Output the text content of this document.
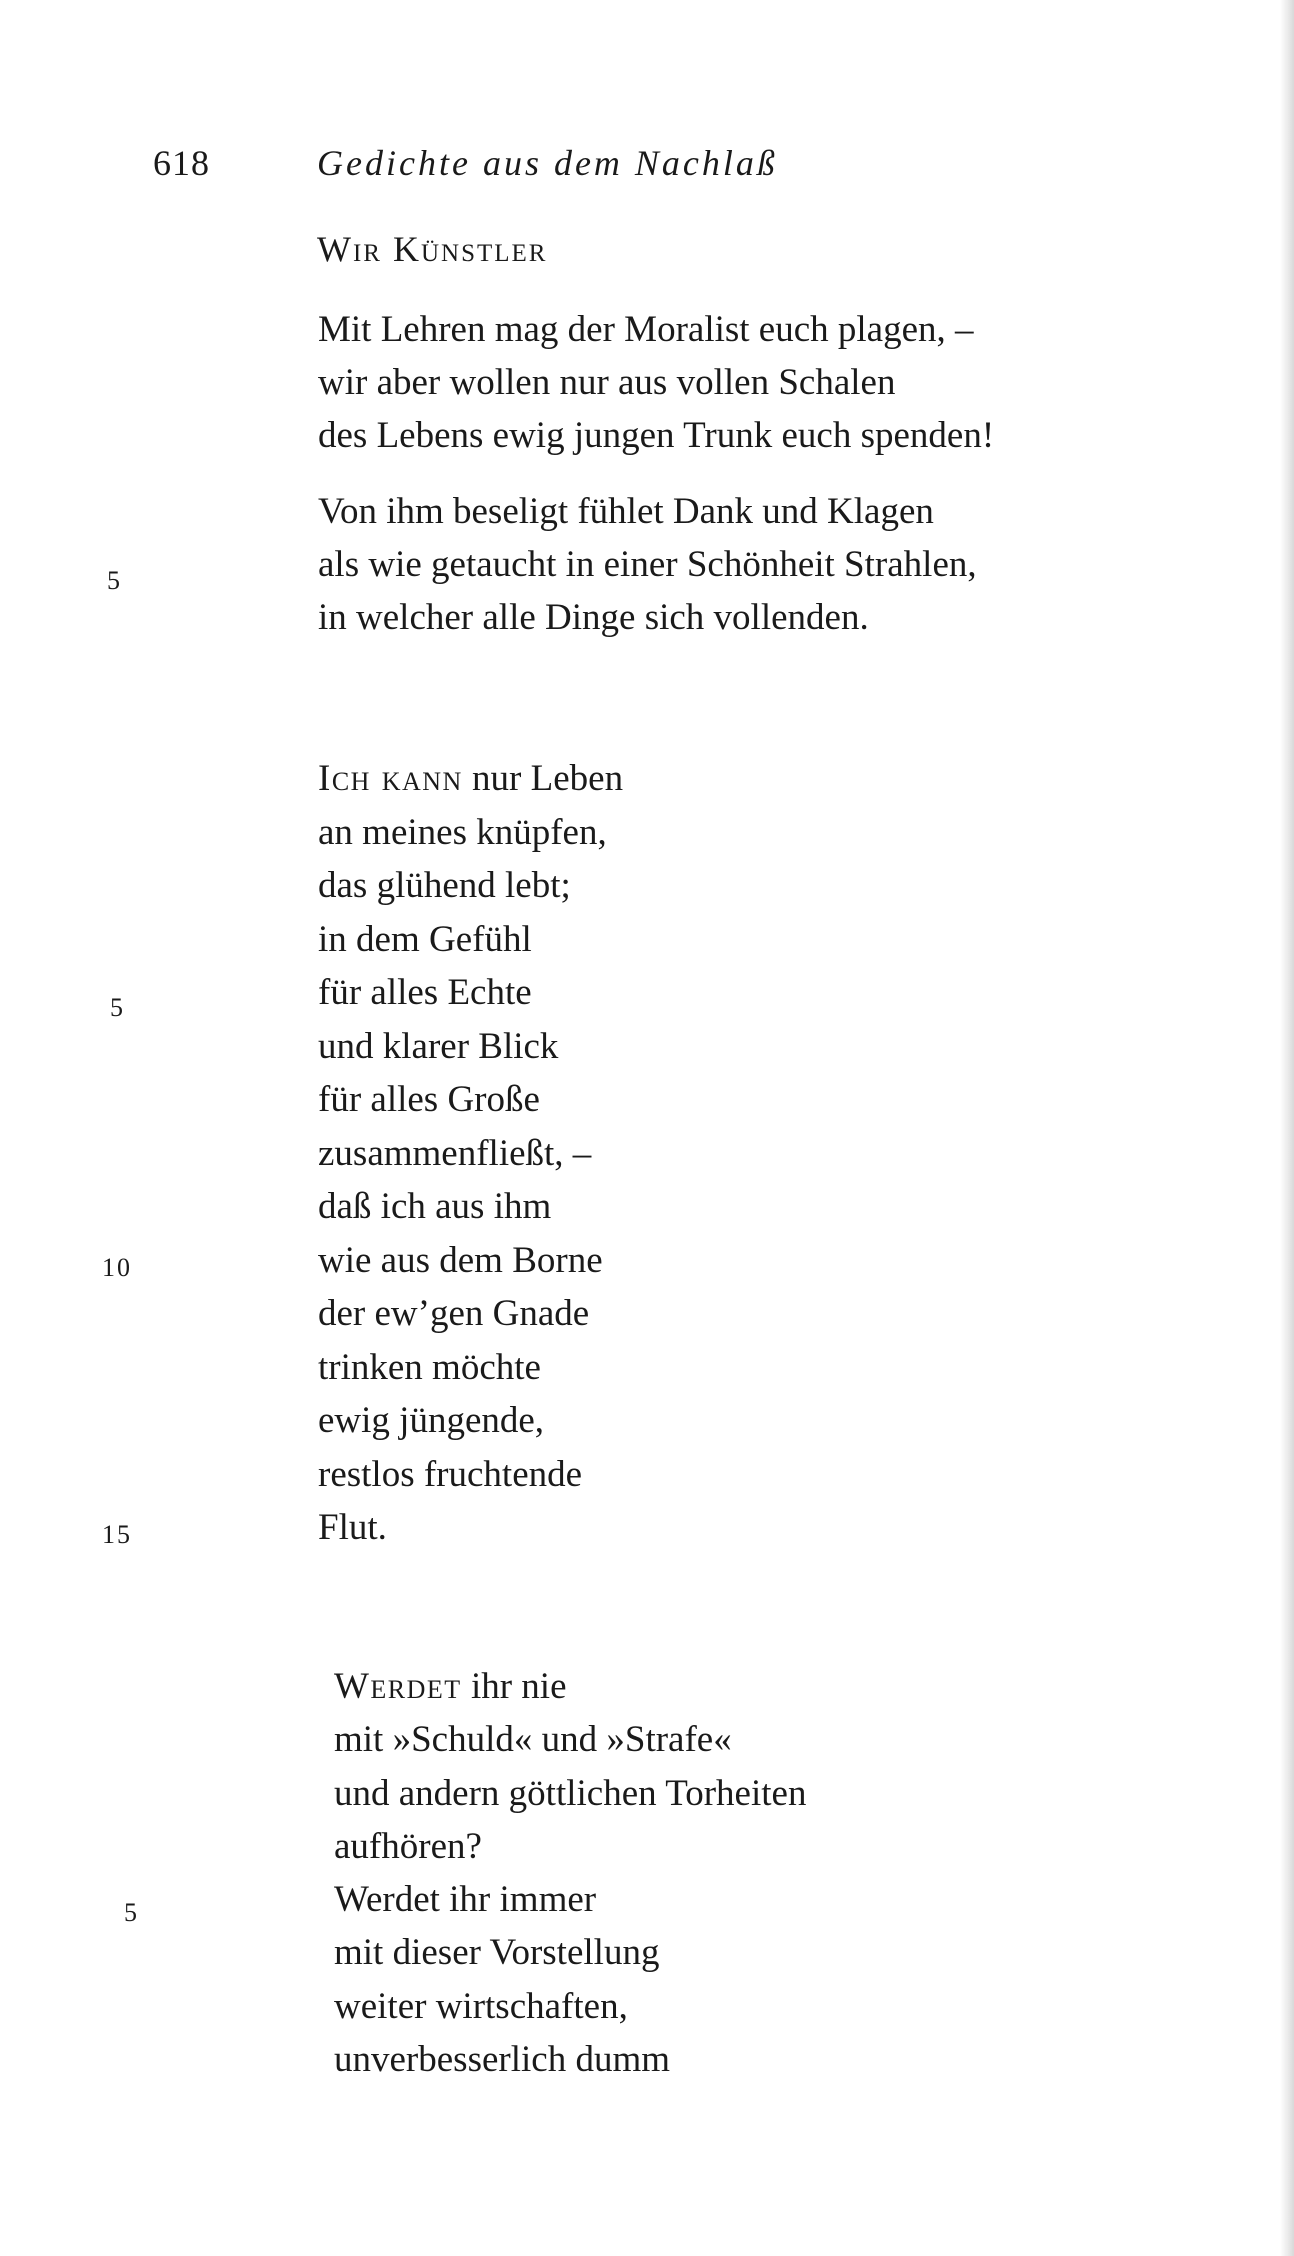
618	Gedichte aus dem Nachlaß
Wir Künstler
Mit Lehren mag der Moralist euch plagen, –
wir aber wollen nur aus vollen Schalen
des Lebens ewig jungen Trunk euch spenden!
Von ihm beseligt fühlet Dank und Klagen
als wie getaucht in einer Schönheit Strahlen,
in welcher alle Dinge sich vollenden.
5
Ich kann nur Leben
an meines knüpfen,
das glühend lebt;
in dem Gefühl
für alles Echte
und klarer Blick
für alles Große
zusammenfließt, –
daß ich aus ihm
wie aus dem Borne
der ew’gen Gnade
trinken möchte
ewig jüngende,
restlos fruchtende
Flut.
5
10
15
Werdet ihr nie
mit »Schuld« und »Strafe«
und andern göttlichen Torheiten
aufhören?
Werdet ihr immer
mit dieser Vorstellung
weiter wirtschaften,
unverbesserlich dumm
5
